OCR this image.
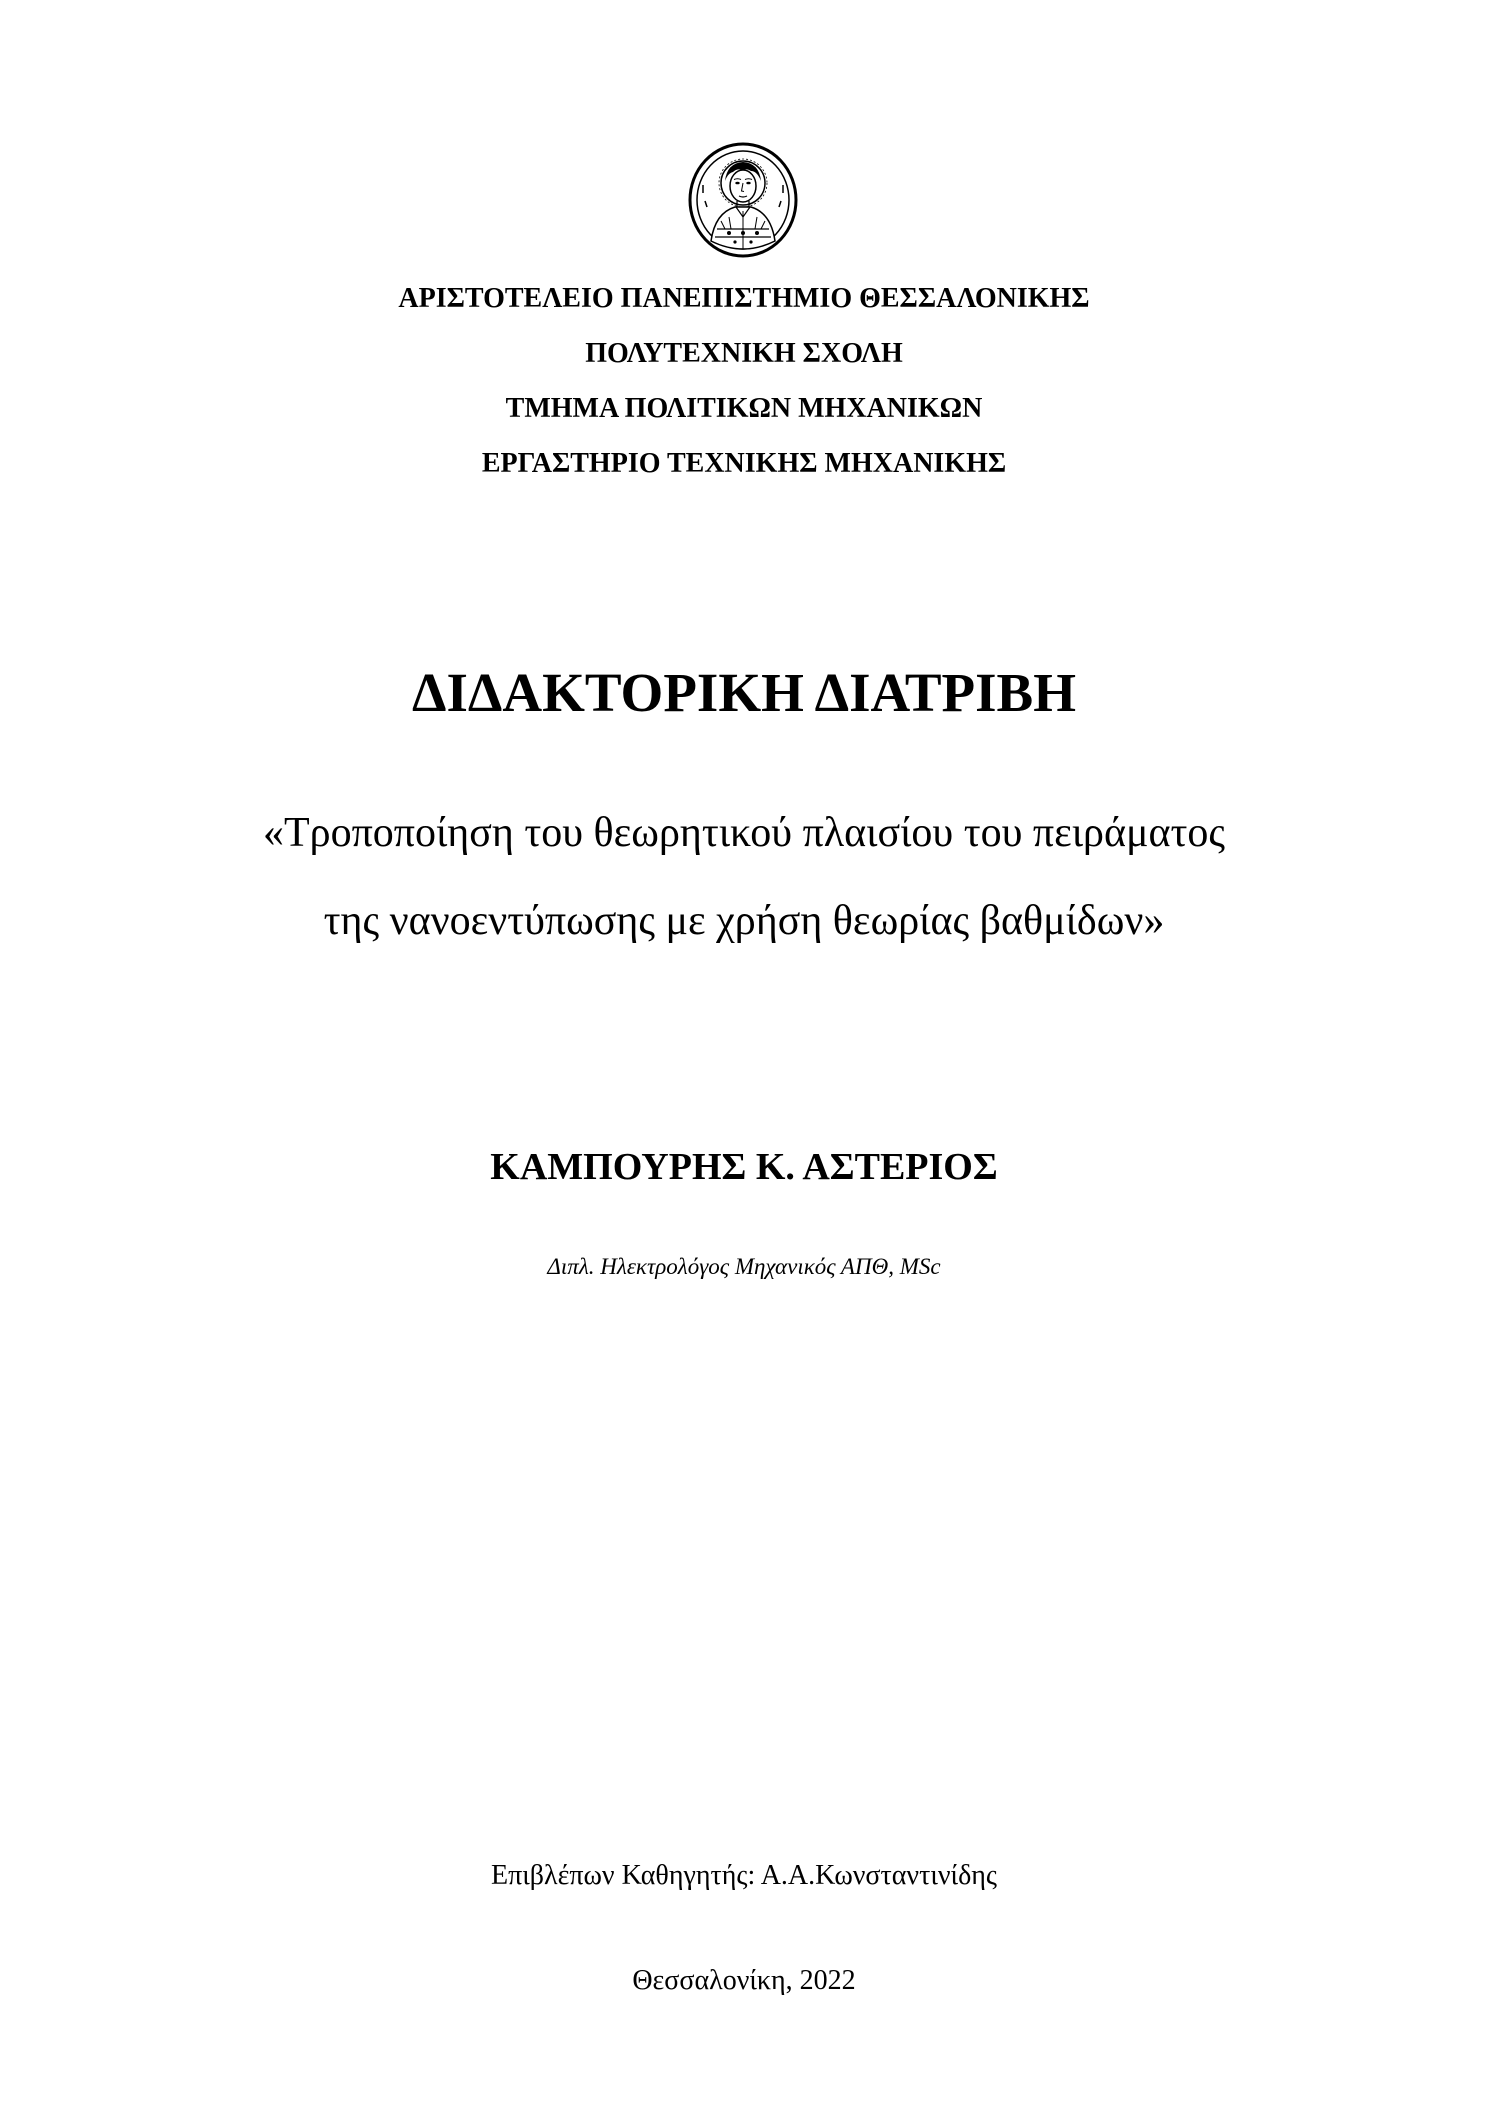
ΑΡΙΣΤΟΤΕΛΕΙΟ ΠΑΝΕΠΙΣΤΗΜΙΟ ΘΕΣΣΑΛΟΝΙΚΗΣ
ΠΟΛΥΤΕΧΝΙΚΗ ΣΧΟΛΗ
ΤΜΗΜΑ ΠΟΛΙΤΙΚΩΝ ΜΗΧΑΝΙΚΩΝ
ΕΡΓΑΣΤΗΡΙΟ ΤΕΧΝΙΚΗΣ ΜΗΧΑΝΙΚΗΣ
ΔΙΔΑΚΤΟΡΙΚΗ ΔΙΑΤΡΙΒΗ
«Τροποποίηση του θεωρητικού πλαισίου του πειράματος
της νανοεντύπωσης με χρήση θεωρίας βαθμίδων»
ΚΑΜΠΟΥΡΗΣ Κ. ΑΣΤΕΡΙΟΣ
Διπλ. Ηλεκτρολόγος Μηχανικός ΑΠΘ, MSc
Επιβλέπων Καθηγητής: Α.Α.Κωνσταντινίδης
Θεσσαλονίκη, 2022
